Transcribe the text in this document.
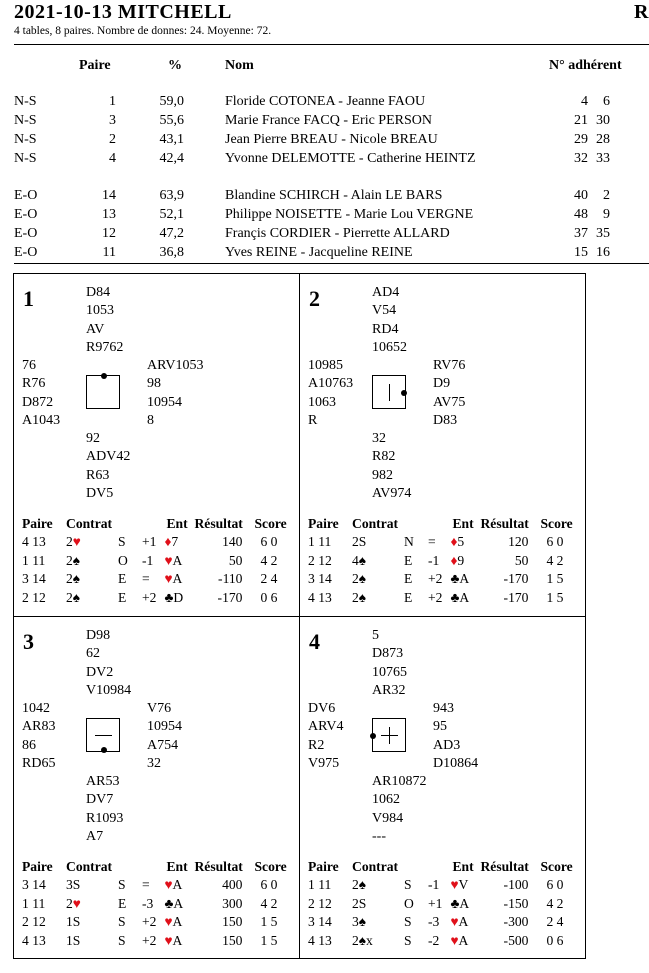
2021-10-13 MITCHELL	R
4 tables, 8 paires. Nombre de donnes: 24. Moyenne: 72.
Paire	%	Nom	N° adhérent
N-S	1	59,0	Floride COTONEA - Jeanne FAOU	4	6
N-S	3	55,6	Marie France FACQ - Eric PERSON	21 30
N-S	2	43,1	Jean Pierre BREAU - Nicole BREAU	29 28
N-S	4	42,4	Yvonne DELEMOTTE - Catherine HEINTZ	32 33
E-O	14	63,9	Blandine SCHIRCH - Alain LE BARS	40	2
E-O	13	52,1	Philippe NOISETTE - Marie Lou VERGNE	48	9
E-O	12	47,2	Françis CORDIER - Pierrette ALLARD	37 35
E-O	11	36,8	Yves REINE - Jacqueline REINE	15 16
1	D84
1053
AV
R9762
76
R76
D872
A1043
ARV1053
98
10954
8
92
ADV42
R63
DV5
Paire	Contrat		Ent	Résultat	Score
4 13	2♥	S +1	♦7	140	6 0
1 11	2♠	O -1	♥A	50	4 2
3 14	2♠	E =	♥A	-110	2 4
2 12	2♠	E +2	♣D	-170	0 6
2	AD4
V54
RD4
10652
10985
A10763
1063
R
RV76
D9
AV75
D83
32
R82
982
AV974
Paire	Contrat		Ent	Résultat	Score
1 11	2S	N =	♦5	120	6 0
2 12	4♠	E -1	♦9	50	4 2
3 14	2♠	E +2	♣A	-170	1 5
4 13	2♠	E +2	♣A	-170	1 5
3	D98
62
DV2
V10984
1042
AR83
86
RD65
V76
10954
A754
32
AR53
DV7
R1093
A7
Paire	Contrat		Ent	Résultat	Score
3 14	3S	S =	♥A	400	6 0
1 11	2♥	E -3	♣A	300	4 2
2 12	1S	S +2	♥A	150	1 5
4 13	1S	S +2	♥A	150	1 5
4	5
D873
10765
AR32
DV6
ARV4
R2
V975
943
95
AD3
D10864
AR10872
1062
V984
---
Paire	Contrat		Ent	Résultat	Score
1 11	2♠	S -1	♥V	-100	6 0
2 12	2S	O +1	♣A	-150	4 2
3 14	3♠	S -3	♥A	-300	2 4
4 13	2♠x	S -2	♥A	-500	0 6
